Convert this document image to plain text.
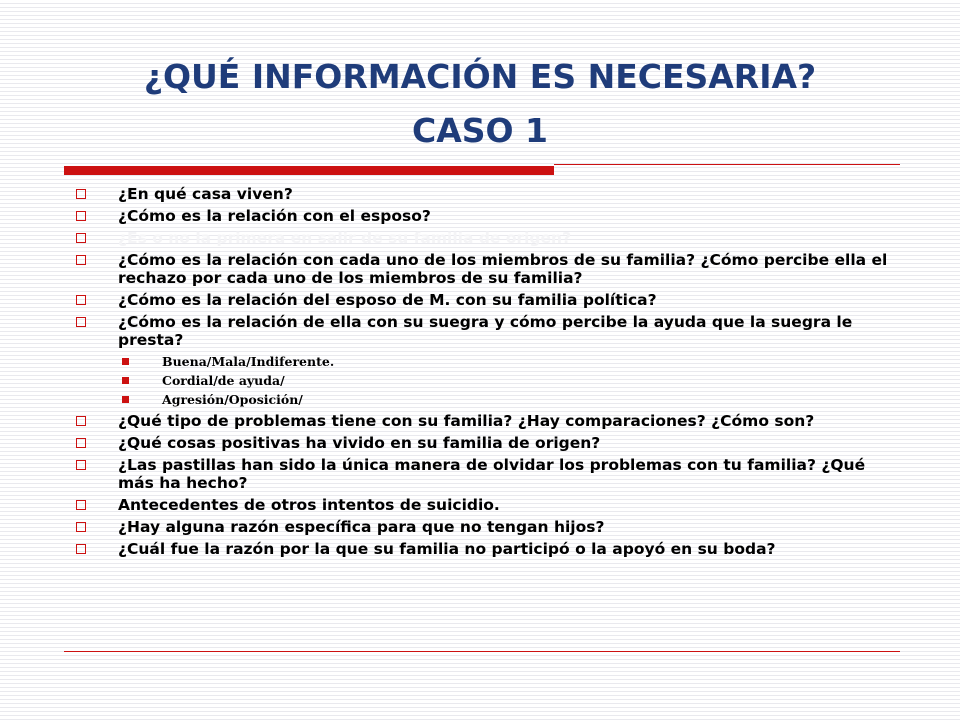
¿QUÉ INFORMACIÓN ES NECESARIA?
CASO 1
¿En qué casa viven?
¿Cómo es la relación con el esposo?
¿Es o no la primera en salir de su familia de origen?
¿Cómo es la relación con cada uno de los miembros de su familia? ¿Cómo percibe ella el rechazo por cada uno de los miembros de su familia?
¿Cómo es la relación del esposo de M. con su familia política?
¿Cómo es la relación de ella con su suegra y cómo percibe la ayuda que la suegra le presta?
Buena/Mala/Indiferente.
Cordial/de ayuda/
Agresión/Oposición/
¿Qué tipo de problemas tiene con su familia? ¿Hay comparaciones? ¿Cómo son?
¿Qué cosas positivas ha vivido en su familia de origen?
¿Las pastillas han sido la única manera de olvidar los problemas con tu familia? ¿Qué más ha hecho?
Antecedentes de otros intentos de suicidio.
¿Hay alguna razón específica para que no tengan hijos?
¿Cuál fue la razón por la que su familia no participó o la apoyó en su boda?
